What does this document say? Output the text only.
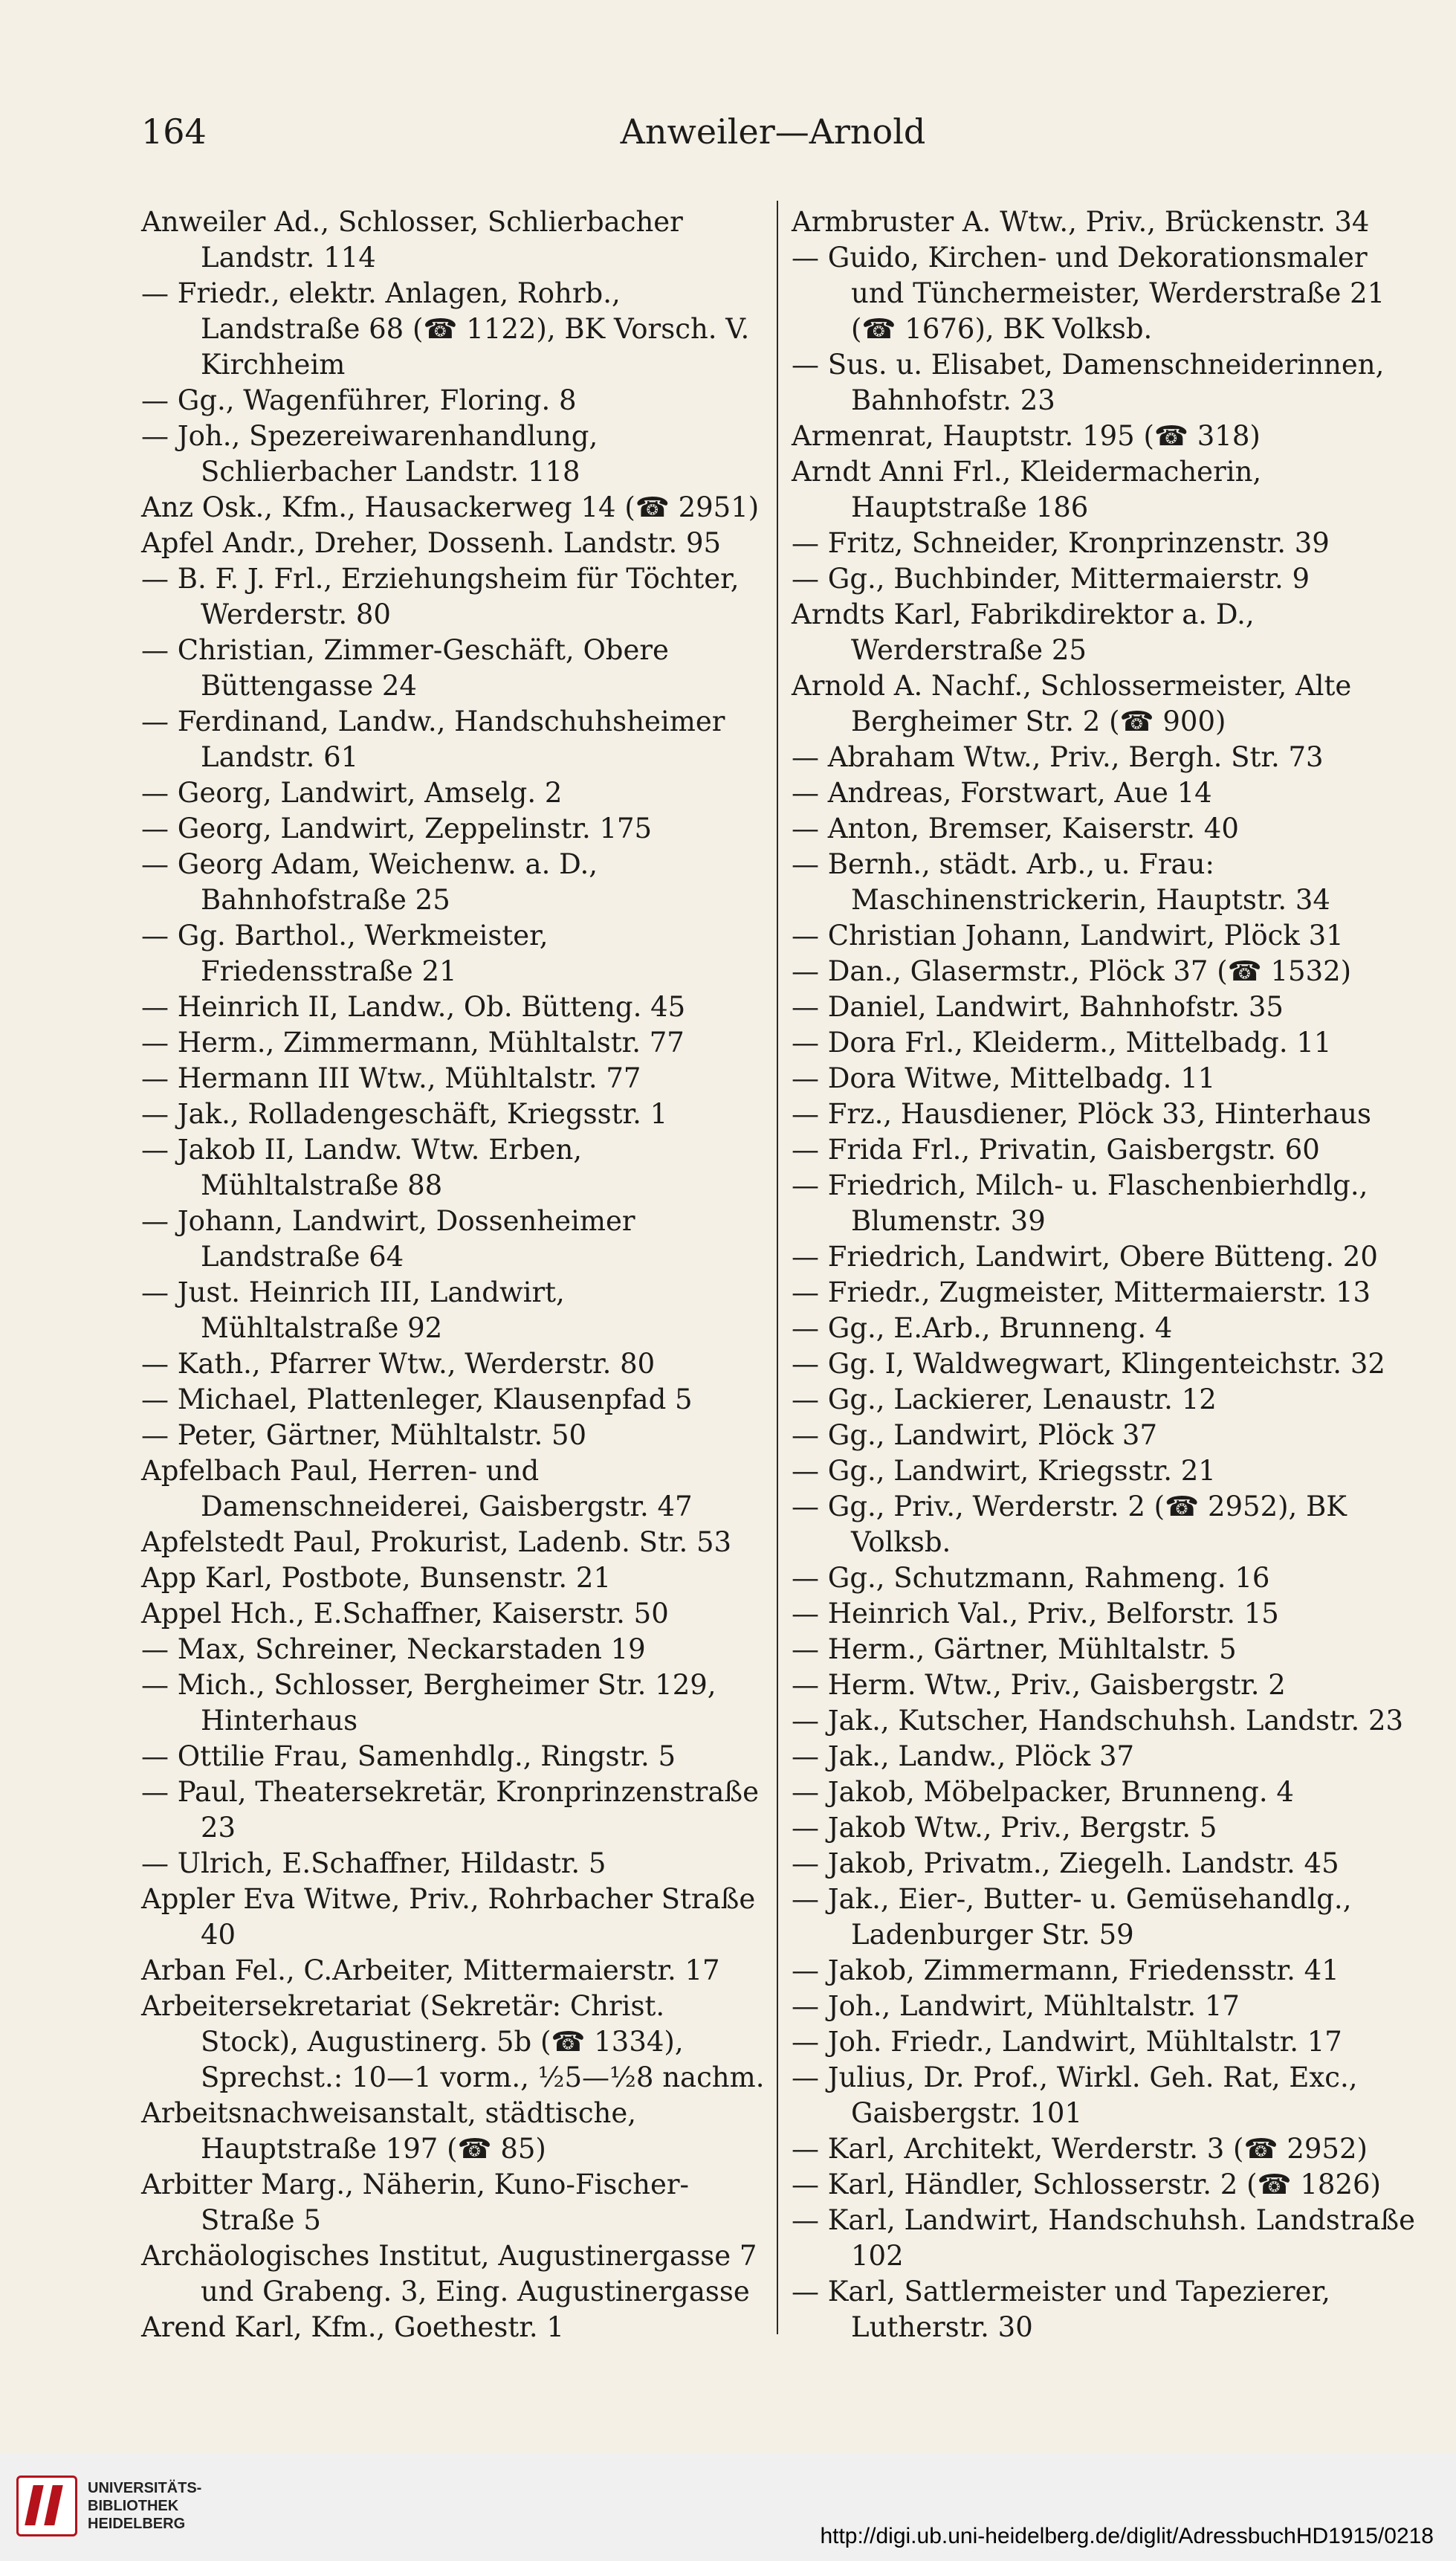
164	Anweiler—Arnold

Anweiler Ad., Schlosser, Schlierbacher Landstr. 114

— Friedr., elektr. Anlagen, Rohrb., Landstraße 68 (☎ 1122), BK Vorsch. V. Kirchheim

— Gg., Wagenführer, Floring. 8

— Joh., Spezereiwarenhandlung, Schlierbacher Landstr. 118

Anz Osk., Kfm., Hausackerweg 14 (☎ 2951)

Apfel Andr., Dreher, Dossenh. Landstr. 95

— B. F. J. Frl., Erziehungsheim für Töchter, Werderstr. 80

— Christian, Zimmer-Geschäft, Obere Büttengasse 24

— Ferdinand, Landw., Handschuhsheimer Landstr. 61

— Georg, Landwirt, Amselg. 2

— Georg, Landwirt, Zeppelinstr. 175

— Georg Adam, Weichenw. a. D., Bahnhofstraße 25

— Gg. Barthol., Werkmeister, Friedensstraße 21

— Heinrich II, Landw., Ob. Bütteng. 45

— Herm., Zimmermann, Mühltalstr. 77

— Hermann III Wtw., Mühltalstr. 77

— Jak., Rolladengeschäft, Kriegsstr. 1

— Jakob II, Landw. Wtw. Erben, Mühltalstraße 88

— Johann, Landwirt, Dossenheimer Landstraße 64

— Just. Heinrich III, Landwirt, Mühltalstraße 92

— Kath., Pfarrer Wtw., Werderstr. 80

— Michael, Plattenleger, Klausenpfad 5

— Peter, Gärtner, Mühltalstr. 50

Apfelbach Paul, Herren- und Damenschneiderei, Gaisbergstr. 47

Apfelstedt Paul, Prokurist, Ladenb. Str. 53

App Karl, Postbote, Bunsenstr. 21

Appel Hch., E.Schaffner, Kaiserstr. 50

— Max, Schreiner, Neckarstaden 19

— Mich., Schlosser, Bergheimer Str. 129, Hinterhaus

— Ottilie Frau, Samenhdlg., Ringstr. 5

— Paul, Theatersekretär, Kronprinzenstraße 23

— Ulrich, E.Schaffner, Hildastr. 5

Appler Eva Witwe, Priv., Rohrbacher Straße 40

Arban Fel., C.Arbeiter, Mittermaierstr. 17

Arbeitersekretariat (Sekretär: Christ. Stock), Augustinerg. 5b (☎ 1334), Sprechst.: 10—1 vorm., ½5—½8 nachm.

Arbeitsnachweisanstalt, städtische, Hauptstraße 197 (☎ 85)

Arbitter Marg., Näherin, Kuno-Fischer-Straße 5

Archäologisches Institut, Augustinergasse 7 und Grabeng. 3, Eing. Augustinergasse

Arend Karl, Kfm., Goethestr. 1

Armbruster A. Wtw., Priv., Brückenstr. 34

— Guido, Kirchen- und Dekorationsmaler und Tünchermeister, Werderstraße 21 (☎ 1676), BK Volksb.

— Sus. u. Elisabet, Damenschneiderinnen, Bahnhofstr. 23

Armenrat, Hauptstr. 195 (☎ 318)

Arndt Anni Frl., Kleidermacherin, Hauptstraße 186

— Fritz, Schneider, Kronprinzenstr. 39

— Gg., Buchbinder, Mittermaierstr. 9

Arndts Karl, Fabrikdirektor a. D., Werderstraße 25

Arnold A. Nachf., Schlossermeister, Alte Bergheimer Str. 2 (☎ 900)

— Abraham Wtw., Priv., Bergh. Str. 73

— Andreas, Forstwart, Aue 14

— Anton, Bremser, Kaiserstr. 40

— Bernh., städt. Arb., u. Frau: Maschinenstrickerin, Hauptstr. 34

— Christian Johann, Landwirt, Plöck 31

— Dan., Glasermstr., Plöck 37 (☎ 1532)

— Daniel, Landwirt, Bahnhofstr. 35

— Dora Frl., Kleiderm., Mittelbadg. 11

— Dora Witwe, Mittelbadg. 11

— Frz., Hausdiener, Plöck 33, Hinterhaus

— Frida Frl., Privatin, Gaisbergstr. 60

— Friedrich, Milch- u. Flaschenbierhdlg., Blumenstr. 39

— Friedrich, Landwirt, Obere Bütteng. 20

— Friedr., Zugmeister, Mittermaierstr. 13

— Gg., E.Arb., Brunneng. 4

— Gg. I, Waldwegwart, Klingenteichstr. 32

— Gg., Lackierer, Lenaustr. 12

— Gg., Landwirt, Plöck 37

— Gg., Landwirt, Kriegsstr. 21

— Gg., Priv., Werderstr. 2 (☎ 2952), BK Volksb.

— Gg., Schutzmann, Rahmeng. 16

— Heinrich Val., Priv., Belforstr. 15

— Herm., Gärtner, Mühltalstr. 5

— Herm. Wtw., Priv., Gaisbergstr. 2

— Jak., Kutscher, Handschuhsh. Landstr. 23

— Jak., Landw., Plöck 37

— Jakob, Möbelpacker, Brunneng. 4

— Jakob Wtw., Priv., Bergstr. 5

— Jakob, Privatm., Ziegelh. Landstr. 45

— Jak., Eier-, Butter- u. Gemüsehandlg., Ladenburger Str. 59

— Jakob, Zimmermann, Friedensstr. 41

— Joh., Landwirt, Mühltalstr. 17

— Joh. Friedr., Landwirt, Mühltalstr. 17

— Julius, Dr. Prof., Wirkl. Geh. Rat, Exc., Gaisbergstr. 101

— Karl, Architekt, Werderstr. 3 (☎ 2952)

— Karl, Händler, Schlosserstr. 2 (☎ 1826)

— Karl, Landwirt, Handschuhsh. Landstraße 102

— Karl, Sattlermeister und Tapezierer, Lutherstr. 30

UNIVERSITÄTS-
BIBLIOTHEK
HEIDELBERG	http://digi.ub.uni-heidelberg.de/diglit/AdressbuchHD1915/0218
